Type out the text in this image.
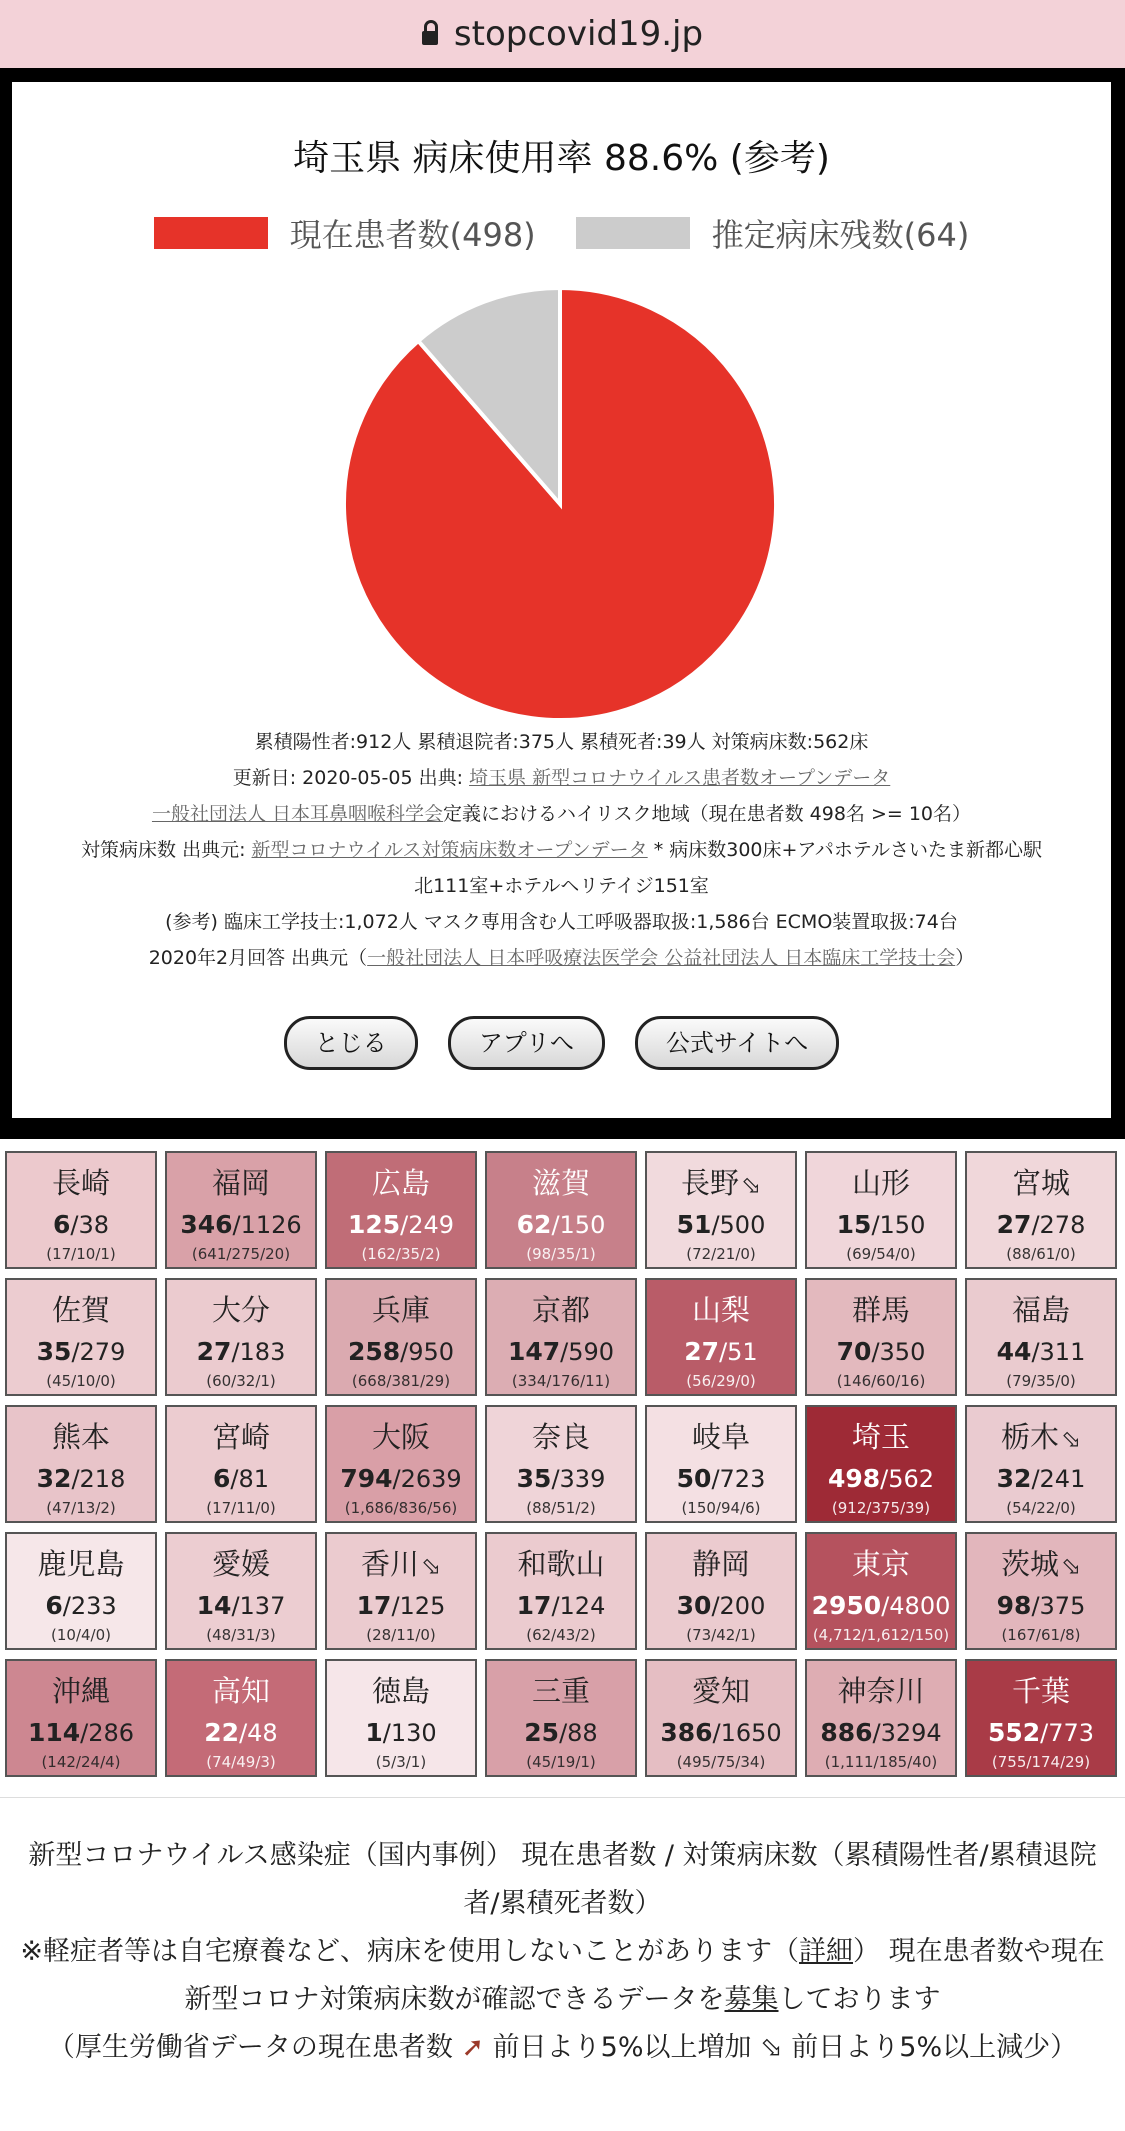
stopcovid19.jp
長崎
6/38
(17/10/1)
福岡
346/1126
(641/275/20)
広島
125/249
(162/35/2)
滋賀
62/150
(98/35/1)
長野⬂
51/500
(72/21/0)
山形
15/150
(69/54/0)
宮城
27/278
(88/61/0)
佐賀
35/279
(45/10/0)
大分
27/183
(60/32/1)
兵庫
258/950
(668/381/29)
京都
147/590
(334/176/11)
山梨
27/51
(56/29/0)
群馬
70/350
(146/60/16)
福島
44/311
(79/35/0)
熊本
32/218
(47/13/2)
宮崎
6/81
(17/11/0)
大阪
794/2639
(1,686/836/56)
奈良
35/339
(88/51/2)
岐阜
50/723
(150/94/6)
埼玉
498/562
(912/375/39)
栃木⬂
32/241
(54/22/0)
鹿児島
6/233
(10/4/0)
愛媛
14/137
(48/31/3)
香川⬂
17/125
(28/11/0)
和歌山
17/124
(62/43/2)
静岡
30/200
(73/42/1)
東京
2950/4800
(4,712/1,612/150)
茨城⬂
98/375
(167/61/8)
沖縄
114/286
(142/24/4)
高知
22/48
(74/49/3)
徳島
1/130
(5/3/1)
三重
25/88
(45/19/1)
愛知
386/1650
(495/75/34)
神奈川
886/3294
(1,111/185/40)
千葉
552/773
(755/174/29)
新型コロナウイルス感染症（国内事例） 現在患者数 / 対策病床数（累積陽性者/累積退院者/累積死者数）
※軽症者等は自宅療養など、病床を使用しないことがあります（詳細） 現在患者数や現在新型コロナ対策病床数が確認できるデータを募集しております
（厚生労働省データの現在患者数 ➚ 前日より5%以上増加 ⬂ 前日より5%以上減少）
埼玉県 病床使用率 88.6% (参考)
現在患者数(498)	推定病床残数(64)
累積陽性者:912人 累積退院者:375人 累積死者:39人 対策病床数:562床
更新日: 2020-05-05 出典: 埼玉県 新型コロナウイルス患者数オープンデータ
一般社団法人 日本耳鼻咽喉科学会定義におけるハイリスク地域（現在患者数 498名 >= 10名）
対策病床数 出典元: 新型コロナウイルス対策病床数オープンデータ * 病床数300床+アパホテルさいたま新都心駅
北111室+ホテルヘリテイジ151室
(参考) 臨床工学技士:1,072人 マスク専用含む人工呼吸器取扱:1,586台 ECMO装置取扱:74台
2020年2月回答 出典元（一般社団法人 日本呼吸療法医学会 公益社団法人 日本臨床工学技士会）
とじる	アプリへ	公式サイトへ
